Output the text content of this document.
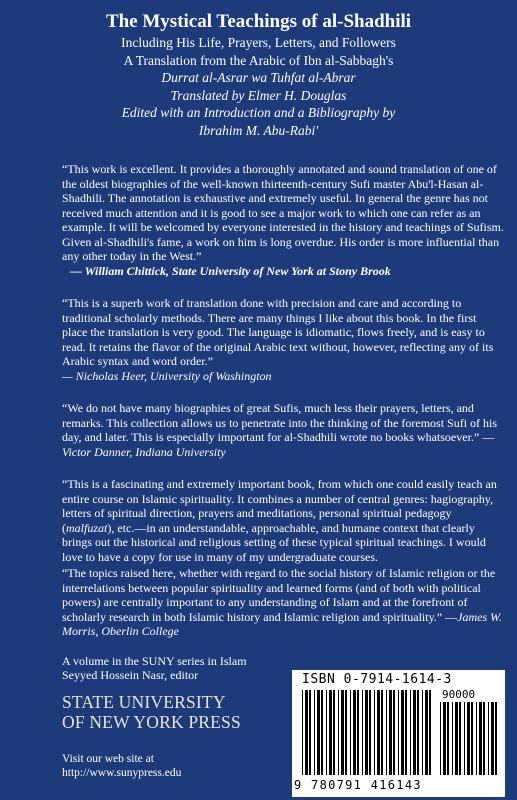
The Mystical Teachings of al-Shadhili

Including His Life, Prayers, Letters, and Followers

A Translation from the Arabic of Ibn al-Sabbagh's

Durrat al-Asrar wa Tuhfat al-Abrar

Translated by Elmer H. Douglas

Edited with an Introduction and a Bibliography by

Ibrahim M. Abu-Rabi'

“This work is excellent. It provides a thoroughly annotated and sound translation of one of the oldest biographies of the well-known thirteenth-century Sufi master Abu'l-Hasan al-Shadhili. The annotation is exhaustive and extremely useful. In general the genre has not received much attention and it is good to see a major work to which one can refer as an example. It will be welcomed by everyone interested in the history and teachings of Sufism. Given al-Shadhili's fame, a work on him is long overdue. His order is more influential than any other today in the West.”

— William Chittick, State University of New York at Stony Brook

“This is a superb work of translation done with precision and care and according to traditional scholarly methods. There are many things I like about this book. In the first place the translation is very good. The language is idiomatic, flows freely, and is easy to read. It retains the flavor of the original Arabic text without, however, reflecting any of its Arabic syntax and word order.”

— Nicholas Heer, University of Washington

“We do not have many biographies of great Sufis, much less their prayers, letters, and remarks. This collection allows us to penetrate into the thinking of the foremost Sufi of his day, and later. This is especially important for al-Shadhili wrote no books whatsoever.” —Victor Danner, Indiana University

“This is a fascinating and extremely important book, from which one could easily teach an entire course on Islamic spirituality. It combines a number of central genres: hagiography, letters of spiritual direction, prayers and meditations, personal spiritual pedagogy (malfuzat), etc.—in an understandable, approachable, and humane context that clearly brings out the historical and religious setting of these typical spiritual teachings. I would love to have a copy for use in many of my undergraduate courses.

“The topics raised here, whether with regard to the social history of Islamic religion or the interrelations between popular spirituality and learned forms (and of both with political powers) are centrally important to any understanding of Islam and at the forefront of scholarly research in both Islamic history and Islamic religion and spirituality.” —James W. Morris, Oberlin College

A volume in the SUNY series in Islam
Seyyed Hossein Nasr, editor
STATE UNIVERSITY
OF NEW YORK PRESS
Visit our web site at
http://www.sunypress.edu
ISBN 0-7914-1614-3
90000
9 780791 416143
